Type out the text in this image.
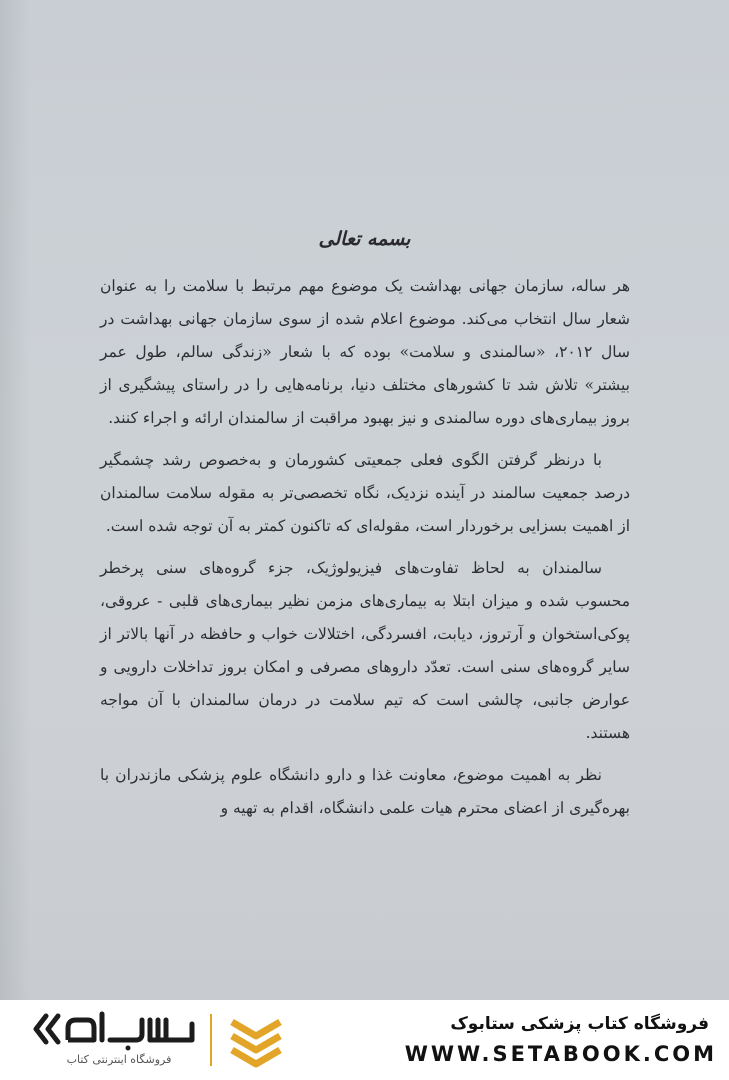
بسمه تعالی

هر ساله، سازمان جهانی بهداشت یک موضوع مهم مرتبط با سلامت را به عنوان شعار سال انتخاب می‌کند. موضوع اعلام شده از سوی سازمان جهانی بهداشت در سال ۲۰۱۲، «سالمندی و سلامت» بوده که با شعار «زندگی سالم، طول عمر بیشتر» تلاش شد تا کشورهای مختلف دنیا، برنامه‌هایی را در راستای پیشگیری از بروز بیماری‌های دوره سالمندی و نیز بهبود مراقبت از سالمندان ارائه و اجراء کنند.

با درنظر گرفتن الگوی فعلی جمعیتی کشورمان و به‌خصوص رشد چشمگیر درصد جمعیت سالمند در آینده نزدیک، نگاه تخصصی‌تر به مقوله سلامت سالمندان از اهمیت بسزایی برخوردار است، مقوله‌ای که تاکنون کمتر به آن توجه شده است.

سالمندان به لحاظ تفاوت‌های فیزیولوژیک، جزء گروه‌های سنی پرخطر محسوب شده و میزان ابتلا به بیماری‌های مزمن نظیر بیماری‌های قلبی - عروقی، پوکی‌استخوان و آرتروز، دیابت، افسردگی، اختلالات خواب و حافظه در آنها بالاتر از سایر گروه‌های سنی است. تعدّد داروهای مصرفی و امکان بروز تداخلات دارویی و عوارض جانبی، چالشی است که تیم سلامت در درمان سالمندان با آن مواجه هستند.

نظر به اهمیت موضوع، معاونت غذا و دارو دانشگاه علوم پزشکی مازندران با بهره‌گیری از اعضای محترم هیات علمی دانشگاه، اقدام به تهیه و

فروشگاه اینترنتی کتاب
فروشگاه کتاب پزشکی ستابوک
WWW.SETABOOK.COM
